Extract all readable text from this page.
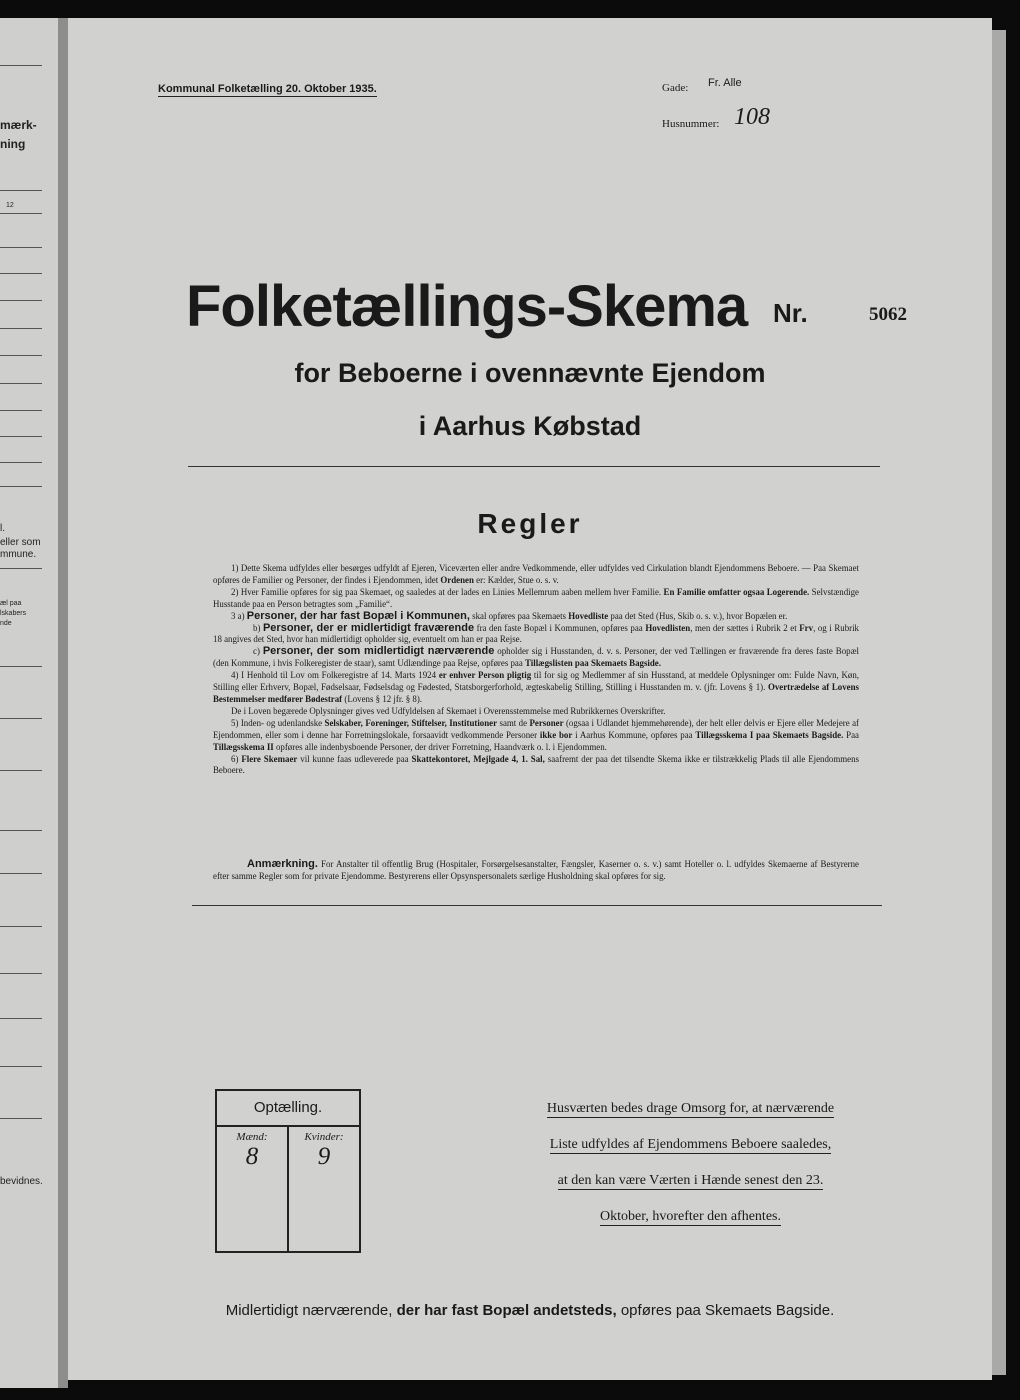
mærk-
ning
12
l.
eller som
mmune.
æl paa
lskabers
nde
bevidnes.
Kommunal Folketælling 20. Oktober 1935.	Gade: Fr. Alle
Husnummer: 108
Folketællings-Skema Nr.	5062
for Beboerne i ovennævnte Ejendom
i Aarhus Købstad
Regler

1) Dette Skema udfyldes eller besørges udfyldt af Ejeren, Viceværten eller andre Vedkommende, eller udfyldes ved Cirkulation blandt Ejendommens Beboere. — Paa Skemaet opføres de Familier og Personer, der findes i Ejendommen, idet Ordenen er: Kælder, Stue o. s. v.

2) Hver Familie opføres for sig paa Skemaet, og saaledes at der lades en Linies Mellemrum aaben mellem hver Familie. En Familie omfatter ogsaa Logerende. Selvstændige Husstande paa en Person betragtes som „Familie“.

3 a) Personer, der har fast Bopæl i Kommunen, skal opføres paa Skemaets Hovedliste paa det Sted (Hus, Skib o. s. v.), hvor Bopælen er.

b) Personer, der er midlertidigt fraværende fra den faste Bopæl i Kommunen, opføres paa Hovedlisten, men der sættes i Rubrik 2 et Frv, og i Rubrik 18 angives det Sted, hvor han midlertidigt opholder sig, eventuelt om han er paa Rejse.

c) Personer, der som midlertidigt nærværende opholder sig i Husstanden, d. v. s. Personer, der ved Tællingen er fraværende fra deres faste Bopæl (den Kommune, i hvis Folkeregister de staar), samt Udlændinge paa Rejse, opføres paa Tillægslisten paa Skemaets Bagside.

4) I Henhold til Lov om Folkeregistre af 14. Marts 1924 er enhver Person pligtig til for sig og Medlemmer af sin Husstand, at meddele Oplysninger om: Fulde Navn, Køn, Stilling eller Erhverv, Bopæl, Fødselsaar, Fødselsdag og Fødested, Statsborgerforhold, ægteskabelig Stilling, Stilling i Husstanden m. v. (jfr. Lovens § 1). Overtrædelse af Lovens Bestemmelser medfører Bødestraf (Lovens § 12 jfr. § 8).

De i Loven begærede Oplysninger gives ved Udfyldelsen af Skemaet i Overensstemmelse med Rubrikkernes Overskrifter.

5) Inden- og udenlandske Selskaber, Foreninger, Stiftelser, Institutioner samt de Personer (ogsaa i Udlandet hjemmehørende), der helt eller delvis er Ejere eller Medejere af Ejendommen, eller som i denne har Forretningslokale, forsaavidt vedkommende Personer ikke bor i Aarhus Kommune, opføres paa Tillægsskema I paa Skemaets Bagside. Paa Tillægsskema II opføres alle indenbysboende Personer, der driver Forretning, Haandværk o. l. i Ejendommen.

6) Flere Skemaer vil kunne faas udleverede paa Skattekontoret, Mejlgade 4, 1. Sal, saafremt der paa det tilsendte Skema ikke er tilstrækkelig Plads til alle Ejendommens Beboere.

Anmærkning. For Anstalter til offentlig Brug (Hospitaler, Forsørgelsesanstalter, Fængsler, Kaserner o. s. v.) samt Hoteller o. l. udfyldes Skemaerne af Bestyrerne efter samme Regler som for private Ejendomme. Bestyrerens eller Opsynspersonalets særlige Husholdning skal opføres for sig.
Optælling.
Mænd:
8
Kvinder:
9
Husværten bedes drage Omsorg for, at nærværende
Liste udfyldes af Ejendommens Beboere saaledes,
at den kan være Værten i Hænde senest den 23.
Oktober, hvorefter den afhentes.
Midlertidigt nærværende, der har fast Bopæl andetsteds, opføres paa Skemaets Bagside.
